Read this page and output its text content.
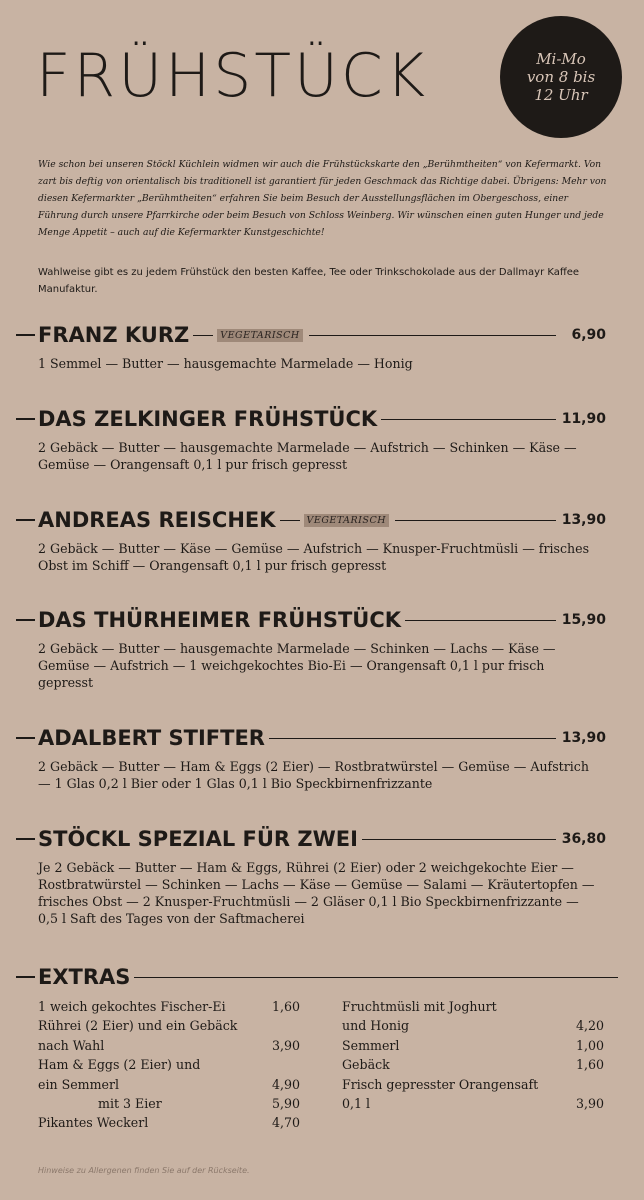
FRÜHSTÜCK	Mi-Mo
von 8 bis
12 Uhr

Wie schon bei unseren Stöckl Küchlein widmen wir auch die Frühstückskarte den „Berühmtheiten“ von Kefermarkt. Von zart bis deftig von orientalisch bis traditionell ist garantiert für jeden Geschmack das Richtige dabei. Übrigens: Mehr von diesen Kefermarkter „Berühmtheiten“ erfahren Sie beim Besuch der Ausstellungsflächen im Obergeschoss, einer Führung durch unsere Pfarrkirche oder beim Besuch von Schloss Weinberg. Wir wünschen einen guten Hunger und jede Menge Appetit – auch auf die Kefermarkter Kunstgeschichte!

Wahlweise gibt es zu jedem Frühstück den besten Kaffee, Tee oder Trinkschokolade aus der Dallmayr Kaffee Manufaktur.

FRANZ KURZ	VEGETARISCH	6,90
1 Semmel — Butter — hausgemachte Marmelade — Honig
DAS ZELKINGER FRÜHSTÜCK	11,90
2 Gebäck — Butter — hausgemachte Marmelade — Aufstrich — Schinken — Käse — Gemüse — Orangensaft 0,1 l pur frisch gepresst
ANDREAS REISCHEK	VEGETARISCH	13,90
2 Gebäck — Butter — Käse — Gemüse — Aufstrich — Knusper-Fruchtmüsli — frisches Obst im Schiff — Orangensaft 0,1 l pur frisch gepresst
DAS THÜRHEIMER FRÜHSTÜCK	15,90
2 Gebäck — Butter — hausgemachte Marmelade — Schinken — Lachs — Käse — Gemüse — Aufstrich — 1 weichgekochtes Bio-Ei — Orangensaft 0,1 l pur frisch gepresst
ADALBERT STIFTER	13,90
2 Gebäck — Butter — Ham & Eggs (2 Eier) — Rostbratwürstel — Gemüse — Aufstrich — 1 Glas 0,2 l Bier oder 1 Glas 0,1 l Bio Speckbirnenfrizzante
STÖCKL SPEZIAL FÜR ZWEI	36,80
Je 2 Gebäck — Butter — Ham & Eggs, Rührei (2 Eier) oder 2 weichgekochte Eier — Rostbratwürstel — Schinken — Lachs — Käse — Gemüse — Salami — Kräutertopfen — frisches Obst — 2 Knusper-Fruchtmüsli — 2 Gläser 0,1 l Bio Speckbirnenfrizzante — 0,5 l Saft des Tages von der Saftmacherei
EXTRAS
1 weich gekochtes Fischer-Ei	1,60
Rührei (2 Eier) und ein Gebäck
nach Wahl	3,90
Ham & Eggs (2 Eier) und
ein Semmerl	4,90
mit 3 Eier	5,90
Pikantes Weckerl	4,70
Fruchtmüsli mit Joghurt
und Honig	4,20
Semmerl	1,00
Gebäck	1,60
Frisch gepresster Orangensaft
0,1 l	3,90
Hinweise zu Allergenen finden Sie auf der Rückseite.
